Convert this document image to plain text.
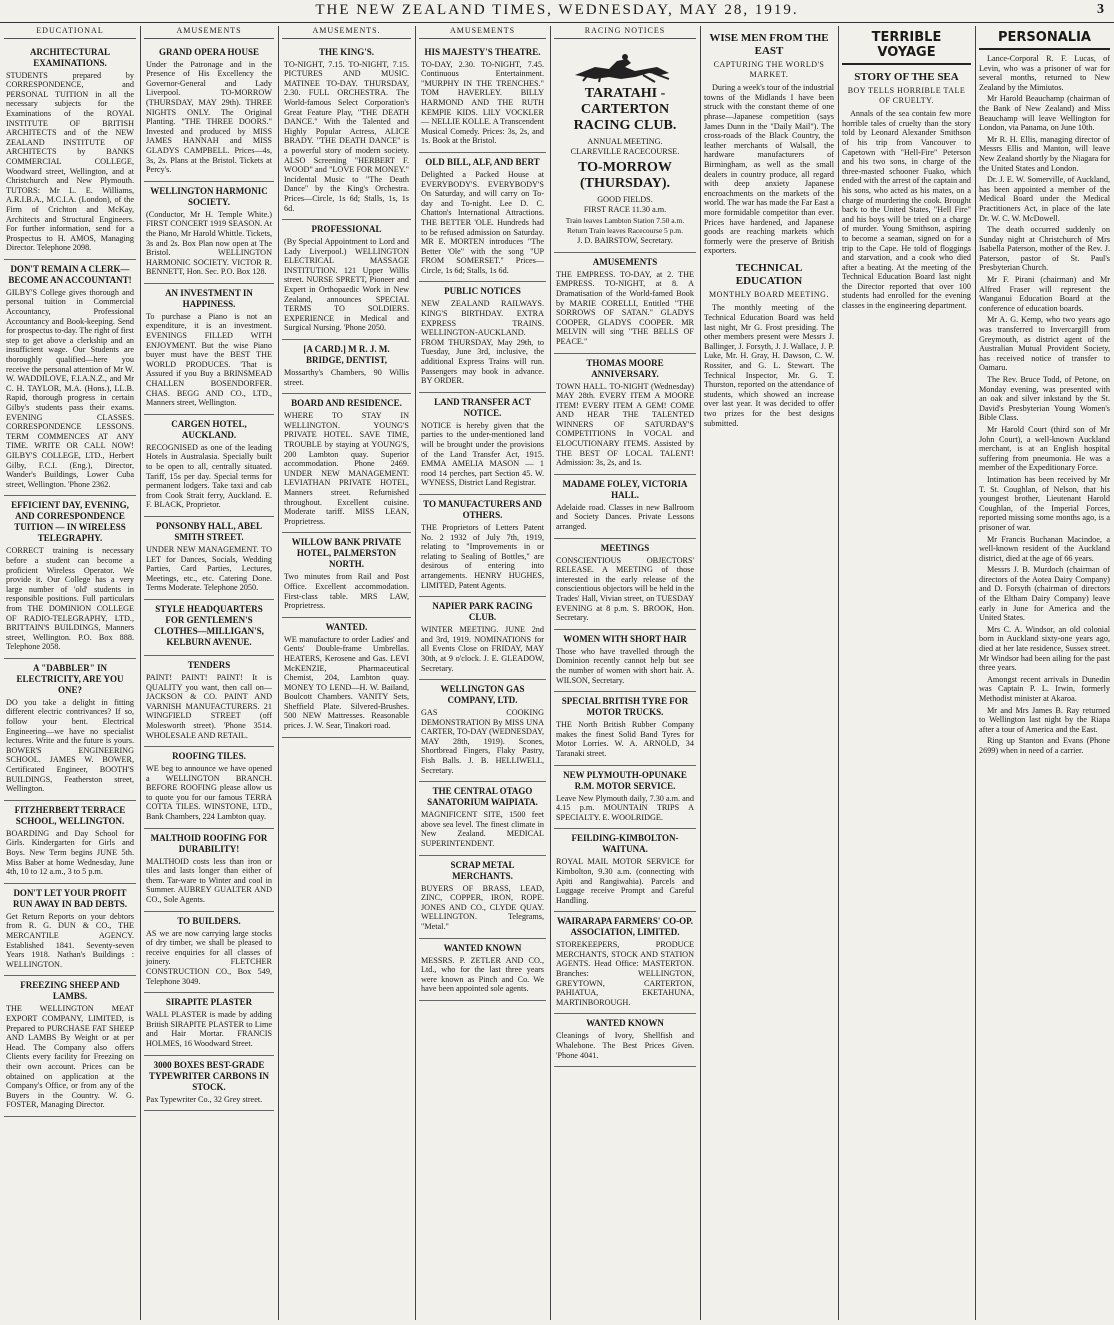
THE NEW ZEALAND TIMES, WEDNESDAY, MAY 28, 1919.	3
EDUCATIONAL
ARCHITECTURAL EXAMINATIONS.

STUDENTS prepared by CORRESPONDENCE, and PERSONAL TUITION in all the necessary subjects for the Examinations of the ROYAL INSTITUTE OF BRITISH ARCHITECTS and of the NEW ZEALAND INSTITUTE OF ARCHITECTS by BANKS COMMERCIAL COLLEGE, Woodward street, Wellington, and at Christchurch and New Plymouth. TUTORS: Mr L. E. Williams, A.R.I.B.A., M.C.I.A. (London), of the Firm of Crichton and McKay, Architects and Structural Engineers. For further information, send for a Prospectus to H. AMOS, Managing Director. Telephone 2098.

DON'T REMAIN A CLERK—BECOME AN ACCOUNTANT!

GILBY'S College gives thorough and personal tuition in Commercial Accountancy, Professional Accountancy and Book-keeping. Send for prospectus to-day. The right of first step to get above a clerkship and an insufficient wage. Our Students are thoroughly qualified—here you receive the personal attention of Mr W. W. WADDILOVE, F.I.A.N.Z., and Mr C. H. TAYLOR, M.A. (Hons.), LL.B. Rapid, thorough progress in certain Gilby's students pass their exams. EVENING CLASSES. CORRESPONDENCE LESSONS. TERM COMMENCES AT ANY TIME. WRITE OR CALL NOW! GILBY'S COLLEGE, LTD., Herbert Gilby, F.C.I. (Eng.), Director, Wander's Buildings, Lower Cuba street, Wellington. 'Phone 2362.

EFFICIENT DAY, EVENING, AND CORRESPONDENCE TUITION — IN WIRELESS TELEGRAPHY.

CORRECT training is necessary before a student can become a proficient Wireless Operator. We provide it. Our College has a very large number of 'old' students in responsible positions. Full particulars from THE DOMINION COLLEGE OF RADIO-TELEGRAPHY, LTD., BRITTAIN'S BUILDINGS, Manners street, Wellington. P.O. Box 888. Telephone 2058.

A "DABBLER" IN ELECTRICITY, ARE YOU ONE?

DO you take a delight in fitting different electric contrivances? If so, follow your bent. Electrical Engineering—we have no specialist lectures. Write and the future is yours. BOWER'S ENGINEERING SCHOOL. JAMES W. BOWER, Certificated Engineer, BOOTH'S BUILDINGS, Featherston street, Wellington.

FITZHERBERT TERRACE SCHOOL, WELLINGTON.

BOARDING and Day School for Girls. Kindergarten for Girls and Boys. New Term begins JUNE 5th. Miss Baber at home Wednesday, June 4th, 10 to 12 a.m., 3 to 5 p.m.

DON'T LET YOUR PROFIT RUN AWAY IN BAD DEBTS.

Get Return Reports on your debtors from R. G. DUN & CO., THE MERCANTILE AGENCY. Established 1841. Seventy-seven Years 1918. Nathan's Buildings : WELLINGTON.

FREEZING SHEEP AND LAMBS.

THE WELLINGTON MEAT EXPORT COMPANY, LIMITED, is Prepared to PURCHASE FAT SHEEP AND LAMBS By Weight or at per Head. The Company also offers Clients every facility for Freezing on their own account. Prices can be obtained on application at the Company's Office, or from any of the Buyers in the Country. W. G. FOSTER, Managing Director.

AMUSEMENTS
GRAND OPERA HOUSE

Under the Patronage and in the Presence of His Excellency the Governor-General and Lady Liverpool. TO-MORROW (THURSDAY, MAY 29th). THREE NIGHTS ONLY. The Original Planting. "THE THREE DOORS." Invested and produced by MISS JAMES HANNAH and MISS GLADYS CAMPBELL. Prices—4s, 3s, 2s. Plans at the Bristol. Tickets at Percy's.

WELLINGTON HARMONIC SOCIETY.

(Conductor, Mr H. Temple White.) FIRST CONCERT 1919 SEASON. At the Piano, Mr Harold Whittle. Tickets, 3s and 2s. Box Plan now open at The Bristol. WELLINGTON HARMONIC SOCIETY. VICTOR R. BENNETT, Hon. Sec. P.O. Box 128.

AN INVESTMENT IN HAPPINESS.

To purchase a Piano is not an expenditure, it is an investment. EVENINGS FILLED WITH ENJOYMENT. But the wise Piano buyer must have the BEST THE WORLD PRODUCES. 'That is Assured if you Buy a BRINSMEAD CHALLEN BOSENDORFER. CHAS. BEGG AND CO., LTD., Manners street, Wellington.

CARGEN HOTEL, AUCKLAND.

RECOGNISED as one of the leading Hotels in Australasia. Specially built to be open to all, centrally situated. Tariff, 15s per day. Special terms for permanent lodgers. Take taxi and cab from Cook Strait ferry, Auckland. E. F. BLACK, Proprietor.

PONSONBY HALL, ABEL SMITH STREET.

UNDER NEW MANAGEMENT. TO LET for Dances, Socials, Wedding Parties, Card Parties, Lectures, Meetings, etc., etc. Catering Done. Terms Moderate. Telephone 2050.

STYLE HEADQUARTERS FOR GENTLEMEN'S CLOTHES—MILLIGAN'S, KELBURN AVENUE.
TENDERS

PAINT! PAINT! PAINT! It is QUALITY you want, then call on— JACKSON & CO. PAINT AND VARNISH MANUFACTURERS. 21 WINGFIELD STREET (off Molesworth street). 'Phone 3514. WHOLESALE AND RETAIL.

ROOFING TILES.

WE beg to announce we have opened a WELLINGTON BRANCH. BEFORE ROOFING please allow us to quote you for our famous TERRA COTTA TILES. WINSTONE, LTD., Bank Chambers, 224 Lambton quay.

MALTHOID ROOFING FOR DURABILITY!

MALTHOID costs less than iron or tiles and lasts longer than either of them. Tar-ware to Winter and cool in Summer. AUBREY GUALTER AND CO., Sole Agents.

TO BUILDERS.

AS we are now carrying large stocks of dry timber, we shall be pleased to receive enquiries for all classes of joinery. FLETCHER CONSTRUCTION CO., Box 549, Telephone 3049.

SIRAPITE PLASTER

WALL PLASTER is made by adding British SIRAPITE PLASTER to Lime and Hair Mortar. FRANCIS HOLMES, 16 Woodward Street.

3000 BOXES BEST-GRADE TYPEWRITER CARBONS IN STOCK.

Pax Typewriter Co., 32 Grey street.

AMUSEMENTS.
THE KING'S.

TO-NIGHT, 7.15. TO-NIGHT, 7.15. PICTURES AND MUSIC. MATINEE TO-DAY. THURSDAY, 2.30. FULL ORCHESTRA. The World-famous Select Corporation's Great Feature Play, "THE DEATH DANCE." With the Talented and Highly Popular Actress, ALICE BRADY. "THE DEATH DANCE" is a powerful story of modern society. ALSO Screening "HERBERT F. WOOD" and "LOVE FOR MONEY." Incidental Music to "The Death Dance" by the King's Orchestra. Prices—Circle, 1s 6d; Stalls, 1s, 1s 6d.

PROFESSIONAL

(By Special Appointment to Lord and Lady Liverpool.) WELLINGTON ELECTRICAL MASSAGE INSTITUTION. 121 Upper Willis street. NURSE SPRETT, Pioneer and Expert in Orthopaedic Work in New Zealand, announces SPECIAL TERMS TO SOLDIERS. EXPERIENCE in Medical and Surgical Nursing. 'Phone 2050.

[A CARD.] M R. J. M. BRIDGE, DENTIST,

Mossarthy's Chambers, 90 Willis street.

BOARD AND RESIDENCE.

WHERE TO STAY IN WELLINGTON. YOUNG'S PRIVATE HOTEL. SAVE TIME, TROUBLE by staying at YOUNG'S, 200 Lambton quay. Superior accommodation. Phone 2469. UNDER NEW MANAGEMENT. LEVIATHAN PRIVATE HOTEL, Manners street. Refurnished throughout. Excellent cuisine. Moderate tariff. MISS LEAN, Proprietress.

WILLOW BANK PRIVATE HOTEL, PALMERSTON NORTH.

Two minutes from Rail and Post Office. Excellent accommodation. First-class table. MRS LAW, Proprietress.

WANTED.

WE manufacture to order Ladies' and Gents' Double-frame Umbrellas. HEATERS, Kerosene and Gas. LEVI McKENZIE, Pharmaceutical Chemist, 204, Lambton quay. MONEY TO LEND—H. W. Bailand, Boulcott Chambers. VANITY Sets, Sheffield Plate. Silvered-Brushes. 500 NEW Mattresses. Reasonable prices. J. W. Sear, Tinakori road.

AMUSEMENTS
HIS MAJESTY'S THEATRE.

TO-DAY, 2.30. TO-NIGHT, 7.45. Continuous Entertainment. "MURPHY IN THE TRENCHES." TOM HAVERLEY. BILLY HARMOND AND THE RUTH KEMPIE KIDS. LILY VOCKLER — NELLIE KOLLE. A Transcendent Musical Comedy. Prices: 3s, 2s, and 1s. Book at the Bristol.

OLD BILL, ALF, AND BERT

Delighted a Packed House at EVERYBODY'S. EVERYBODY'S On Saturday, and will carry on To-day and To-night. Lee D. C. Chatton's International Attractions. THE BETTER 'OLE. Hundreds had to be refused admission on Saturday. MR E. MORTEN introduces "The Better 'Ole" with the song "UP FROM SOMERSET." Prices—Circle, 1s 6d; Stalls, 1s 6d.

PUBLIC NOTICES

NEW ZEALAND RAILWAYS. KING'S BIRTHDAY. EXTRA EXPRESS TRAINS. WELLINGTON-AUCKLAND. FROM THURSDAY, May 29th, to Tuesday, June 3rd, inclusive, the additional Express Trains will run. Passengers may book in advance. BY ORDER.

LAND TRANSFER ACT NOTICE.

NOTICE is hereby given that the parties to the under-mentioned land will be brought under the provisions of the Land Transfer Act, 1915. EMMA AMELIA MASON — 1 rood 14 perches, part Section 45. W. WYNESS, District Land Registrar.

TO MANUFACTURERS AND OTHERS.

THE Proprietors of Letters Patent No. 2 1932 of July 7th, 1919, relating to "Improvements in or relating to Sealing of Bottles," are desirous of entering into arrangements. HENRY HUGHES, LIMITED, Patent Agents.

NAPIER PARK RACING CLUB.

WINTER MEETING. JUNE 2nd and 3rd, 1919. NOMINATIONS for all Events Close on FRIDAY, MAY 30th, at 9 o'clock. J. E. GLEADOW, Secretary.

WELLINGTON GAS COMPANY, LTD.

GAS COOKING DEMONSTRATION By MISS UNA CARTER, TO-DAY (WEDNESDAY, MAY 28th, 1919). Scones, Shortbread Fingers, Flaky Pastry, Fish Balls. J. B. HELLIWELL, Secretary.

THE CENTRAL OTAGO SANATORIUM WAIPIATA.

MAGNIFICENT SITE, 1500 feet above sea level. The finest climate in New Zealand. MEDICAL SUPERINTENDENT.

SCRAP METAL MERCHANTS.

BUYERS OF BRASS, LEAD, ZINC, COPPER, IRON, ROPE. JONES AND CO., CLYDE QUAY. WELLINGTON. Telegrams, "Metal."

WANTED KNOWN

MESSRS. P. ZETLER AND CO., Ltd., who for the last three years were known as Pinch and Co. We have been appointed sole agents.

RACING NOTICES
TARATAHI - CARTERTON RACING CLUB.
ANNUAL MEETING.
CLAREVILLE RACECOURSE.
TO-MORROW (THURSDAY).
GOOD FIELDS.
FIRST RACE 11.30 a.m.
Train leaves Lambton Station 7.50 a.m. Return Train leaves Racecourse 5 p.m.
J. D. BAIRSTOW, Secretary.
AMUSEMENTS

THE EMPRESS. TO-DAY, at 2. THE EMPRESS. TO-NIGHT, at 8. A Dramatisation of the World-famed Book by MARIE CORELLI, Entitled "THE SORROWS OF SATAN." GLADYS COOPER, GLADYS COOPER. MR MELVIN will sing "THE BELLS OF PEACE."

THOMAS MOORE ANNIVERSARY.

TOWN HALL. TO-NIGHT (Wednesday) MAY 28th. EVERY ITEM A MOORE ITEM! EVERY ITEM A GEM! COME AND HEAR THE TALENTED WINNERS OF SATURDAY'S COMPETITIONS In VOCAL and ELOCUTIONARY ITEMS. Assisted by THE BEST OF LOCAL TALENT! Admission: 3s, 2s, and 1s.

MADAME FOLEY, VICTORIA HALL.

Adelaide road. Classes in new Ballroom and Society Dances. Private Lessons arranged.

MEETINGS

CONSCIENTIOUS OBJECTORS' RELEASE. A MEETING of those interested in the early release of the conscientious objectors will be held in the Trades' Hall, Vivian street, on TUESDAY EVENING at 8 p.m. S. BROOK, Hon. Secretary.

WOMEN WITH SHORT HAIR

Those who have travelled through the Dominion recently cannot help but see the number of women with short hair. A. WILSON, Secretary.

SPECIAL BRITISH TYRE FOR MOTOR TRUCKS.

THE North British Rubber Company makes the finest Solid Band Tyres for Motor Lorries. W. A. ARNOLD, 34 Taranaki street.

NEW PLYMOUTH-OPUNAKE R.M. MOTOR SERVICE.

Leave New Plymouth daily, 7.30 a.m. and 4.15 p.m. MOUNTAIN TRIPS A SPECIALTY. E. WOOLRIDGE.

FEILDING-KIMBOLTON-WAITUNA.

ROYAL MAIL MOTOR SERVICE for Kimbolton, 9.30 a.m. (connecting with Apiti and Rangiwahia). Parcels and Luggage receive Prompt and Careful Handling.

WAIRARAPA FARMERS' CO-OP. ASSOCIATION, LIMITED.

STOREKEEPERS, PRODUCE MERCHANTS, STOCK AND STATION AGENTS. Head Office: MASTERTON. Branches: WELLINGTON, GREYTOWN, CARTERTON, PAHIATUA, EKETAHUNA, MARTINBOROUGH.

WANTED KNOWN

Cleanings of Ivory, Shellfish and Whalebone. The Best Prices Given. 'Phone 4041.

WISE MEN FROM THE EAST
CAPTURING THE WORLD'S MARKET.

During a week's tour of the industrial towns of the Midlands I have been struck with the constant theme of one phrase—Japanese competition (says James Dunn in the "Daily Mail"). The cross-roads of the Black Country, the leather merchants of Walsall, the hardware manufacturers of Birmingham, as well as the small dealers in country produce, all regard with deep anxiety Japanese encroachments on the markets of the world. The war has made the Far East a more formidable competitor than ever. Prices have hardened, and Japanese goods are reaching markets which formerly were the preserve of British exporters.

TECHNICAL EDUCATION
MONTHLY BOARD MEETING.

The monthly meeting of the Technical Education Board was held last night, Mr G. Frost presiding. The other members present were Messrs J. Ballinger, J. Forsyth, J. J. Wallace, J. P. Luke, Mr. H. Gray, H. Dawson, C. W. Rossiter, and G. L. Stewart. The Technical Inspector, Mr. G. T. Thurston, reported on the attendance of students, which showed an increase over last year. It was decided to offer two prizes for the best designs submitted.

TERRIBLE VOYAGE
STORY OF THE SEA
BOY TELLS HORRIBLE TALE OF CRUELTY.

Annals of the sea contain few more horrible tales of cruelty than the story told by Leonard Alexander Smithson of his trip from Vancouver to Capetown with "Hell-Fire" Peterson and his two sons, in charge of the three-masted schooner Fuako, which ended with the arrest of the captain and his sons, who acted as his mates, on a charge of murdering the cook. Brought back to the United States, "Hell Fire" and his boys will be tried on a charge of murder. Young Smithson, aspiring to become a seaman, signed on for a trip to the Cape. He told of floggings and starvation, and a cook who died after a beating. At the meeting of the Technical Education Board last night the Director reported that over 100 students had enrolled for the evening classes in the engineering department.

PERSONALIA

Lance-Corporal R. F. Lucas, of Levin, who was a prisoner of war for several months, returned to New Zealand by the Mimiutos.

Mr Harold Beauchamp (chairman of the Bank of New Zealand) and Miss Beauchamp will leave Wellington for London, via Panama, on June 10th.

Mr R. H. Ellis, managing director of Messrs Ellis and Manton, will leave New Zealand shortly by the Niagara for the United States and London.

Dr. J. E. W. Somerville, of Auckland, has been appointed a member of the Medical Board under the Medical Practitioners Act, in place of the late Dr. W. C. W. McDowell.

The death occurred suddenly on Sunday night at Christchurch of Mrs Isabella Paterson, mother of the Rev. J. Paterson, pastor of St. Paul's Presbyterian Church.

Mr F. Pirani (chairman) and Mr Alfred Fraser will represent the Wanganui Education Board at the conference of education boards.

Mr A. G. Kemp, who two years ago was transferred to Invercargill from Greymouth, as district agent of the Australian Mutual Provident Society, has received notice of transfer to Oamaru.

The Rev. Bruce Todd, of Petone, on Monday evening, was presented with an oak and silver inkstand by the St. David's Presbyterian Young Women's Bible Class.

Mr Harold Court (third son of Mr John Court), a well-known Auckland merchant, is at an English hospital suffering from pneumonia. He was a member of the Expeditionary Force.

Intimation has been received by Mr T. St. Coughlan, of Nelson, that his youngest brother, Lieutenant Harold Coughlan, of the Imperial Forces, reported missing some months ago, is a prisoner of war.

Mr Francis Buchanan Macindoe, a well-known resident of the Auckland district, died at the age of 66 years.

Messrs J. B. Murdoch (chairman of directors of the Aotea Dairy Company) and D. Forsyth (chairman of directors of the Eltham Dairy Company) leave early in June for America and the United States.

Mrs C. A. Windsor, an old colonial born in Auckland sixty-one years ago, died at her late residence, Sussex street. Mr Windsor had been ailing for the past three years.

Amongst recent arrivals in Dunedin was Captain P. L. Irwin, formerly Methodist minister at Akaroa.

Mr and Mrs James B. Ray returned to Wellington last night by the Riapa after a tour of America and the East.

Ring up Stanton and Evans (Phone 2699) when in need of a carrier.
